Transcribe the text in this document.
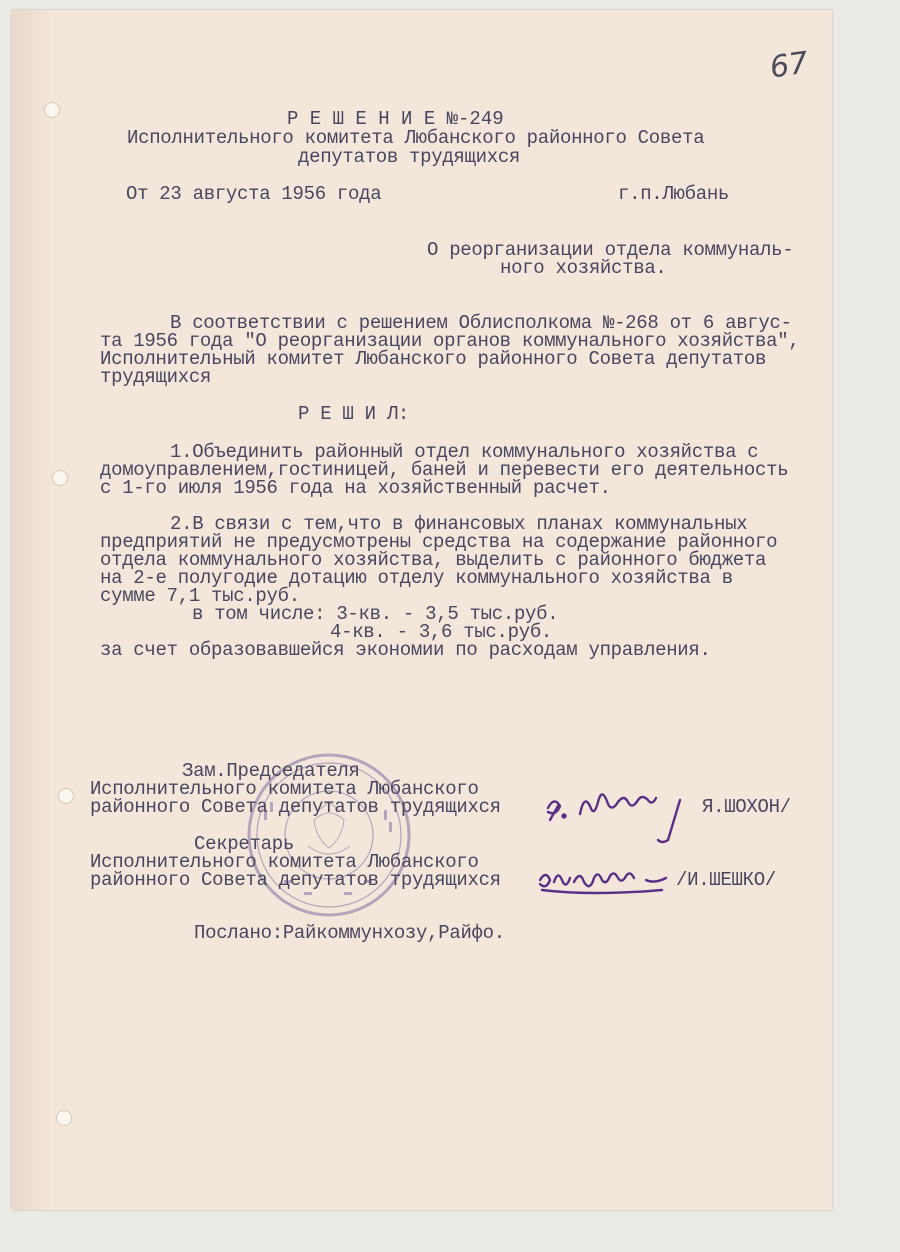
67
Р Е Ш Е Н И Е №-249
Исполнительного комитета Любанского районного Совета
депутатов трудящихся
От 23 августа 1956 года	г.п.Любань
О реорганизации отдела коммуналь-
ного хозяйства.
В соответствии с решением Облисполкома №-268 от 6 авгус-
та 1956 года "О реорганизации органов коммунального хозяйства",
Исполнительный комитет Любанского районного Совета депутатов
трудящихся
Р Е Ш И Л:
1.Объединить районный отдел коммунального хозяйства с
домоуправлением,гостиницей, баней и перевести его деятельность
с 1-го июля 1956 года на хозяйственный расчет.
2.В связи с тем,что в финансовых планах коммунальных
предприятий не предусмотрены средства на содержание районного
отдела коммунального хозяйства, выделить с районного бюджета
на 2-е полугодие дотацию отделу коммунального хозяйства в
сумме 7,1 тыс.руб.
в том числе: 3-кв. - 3,5 тыс.руб.
4-кв. - 3,6 тыс.руб.
за счет образовавшейся экономии по расходам управления.
Зам.Председателя
Исполнительного комитета Любанского
районного Совета депутатов трудящихся	Я.ШОХОН/
Секретарь
Исполнительного комитета Любанского
районного Совета депутатов трудящихся	/И.ШЕШКО/
Послано:Райкоммунхозу,Райфо.
